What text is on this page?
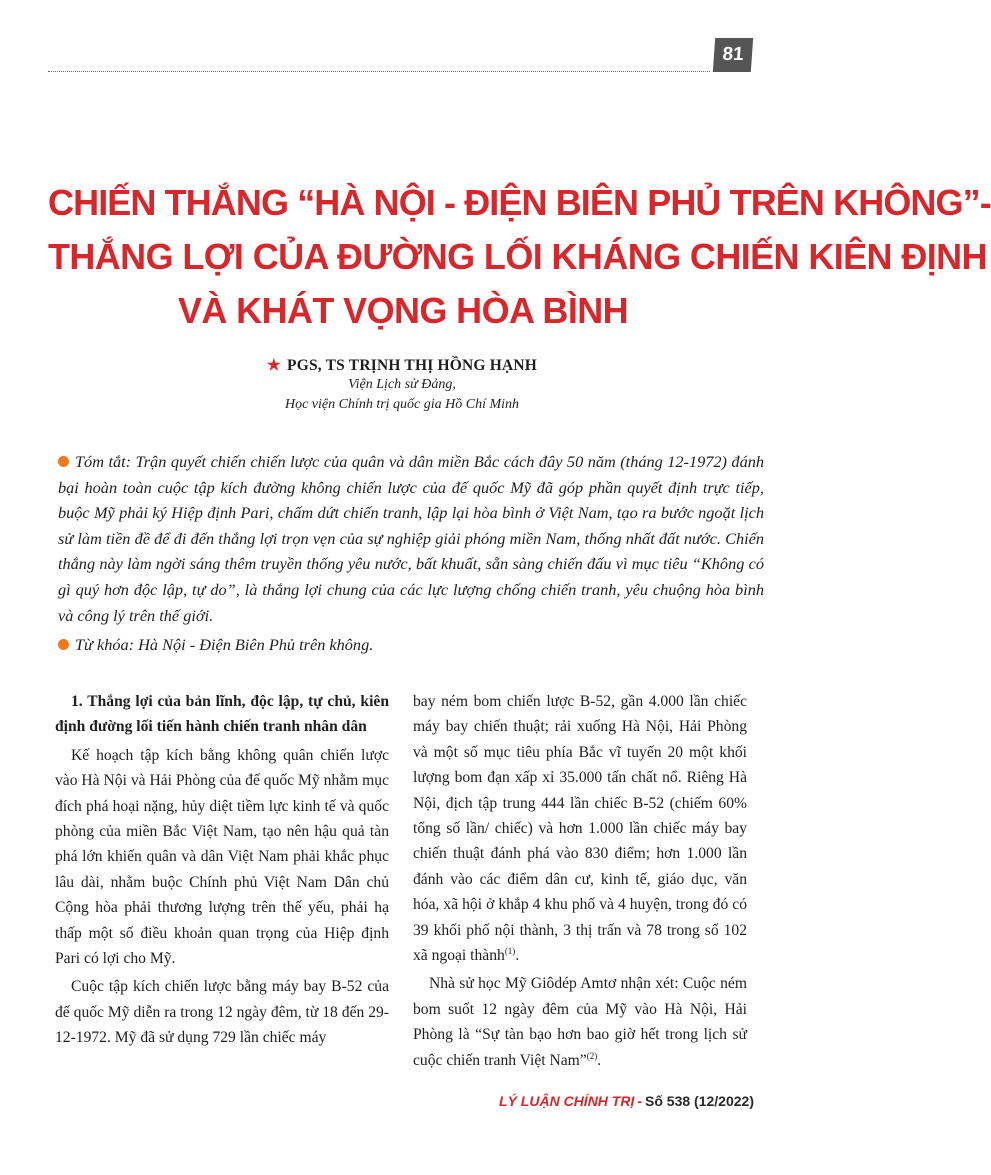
81
CHIẾN THẮNG “HÀ NỘI - ĐIỆN BIÊN PHỦ TRÊN KHÔNG”-
THẮNG LỢI CỦA ĐƯỜNG LỐI KHÁNG CHIẾN KIÊN ĐỊNH
VÀ KHÁT VỌNG HÒA BÌNH
★ PGS, TS TRỊNH THỊ HỒNG HẠNH
Viện Lịch sử Đảng,
Học viện Chính trị quốc gia Hồ Chí Minh

Tóm tắt: Trận quyết chiến chiến lược của quân và dân miền Bắc cách đây 50 năm (tháng 12-1972) đánh bại hoàn toàn cuộc tập kích đường không chiến lược của đế quốc Mỹ đã góp phần quyết định trực tiếp, buộc Mỹ phải ký Hiệp định Pari, chấm dứt chiến tranh, lập lại hòa bình ở Việt Nam, tạo ra bước ngoặt lịch sử làm tiền đề để đi đến thắng lợi trọn vẹn của sự nghiệp giải phóng miền Nam, thống nhất đất nước. Chiến thắng này làm ngời sáng thêm truyền thống yêu nước, bất khuất, sẵn sàng chiến đấu vì mục tiêu “Không có gì quý hơn độc lập, tự do”, là thắng lợi chung của các lực lượng chống chiến tranh, yêu chuộng hòa bình và công lý trên thế giới.

Từ khóa: Hà Nội - Điện Biên Phủ trên không.

1. Thắng lợi của bản lĩnh, độc lập, tự chủ, kiên định đường lối tiến hành chiến tranh nhân dân

Kế hoạch tập kích bằng không quân chiến lược vào Hà Nội và Hải Phòng của đế quốc Mỹ nhằm mục đích phá hoại nặng, hủy diệt tiềm lực kinh tế và quốc phòng của miền Bắc Việt Nam, tạo nên hậu quả tàn phá lớn khiến quân và dân Việt Nam phải khắc phục lâu dài, nhằm buộc Chính phủ Việt Nam Dân chủ Cộng hòa phải thương lượng trên thế yếu, phải hạ thấp một số điều khoản quan trọng của Hiệp định Pari có lợi cho Mỹ.

Cuộc tập kích chiến lược bằng máy bay B-52 của đế quốc Mỹ diễn ra trong 12 ngày đêm, từ 18 đến 29-12-1972. Mỹ đã sử dụng 729 lần chiếc máy

bay ném bom chiến lược B-52, gần 4.000 lần chiếc máy bay chiến thuật; rải xuống Hà Nội, Hải Phòng và một số mục tiêu phía Bắc vĩ tuyến 20 một khối lượng bom đạn xấp xỉ 35.000 tấn chất nổ. Riêng Hà Nội, địch tập trung 444 lần chiếc B-52 (chiếm 60% tổng số lần/ chiếc) và hơn 1.000 lần chiếc máy bay chiến thuật đánh phá vào 830 điểm; hơn 1.000 lần đánh vào các điểm dân cư, kinh tế, giáo dục, văn hóa, xã hội ở khắp 4 khu phố và 4 huyện, trong đó có 39 khối phố nội thành, 3 thị trấn và 78 trong số 102 xã ngoại thành$^{(1)}$.

Nhà sử học Mỹ Giôdép Amtơ nhận xét: Cuộc ném bom suốt 12 ngày đêm của Mỹ vào Hà Nội, Hải Phòng là “Sự tàn bạo hơn bao giờ hết trong lịch sử cuộc chiến tranh Việt Nam”$^{(2)}$.

LÝ LUẬN CHÍNH TRỊ - Số 538 (12/2022)
